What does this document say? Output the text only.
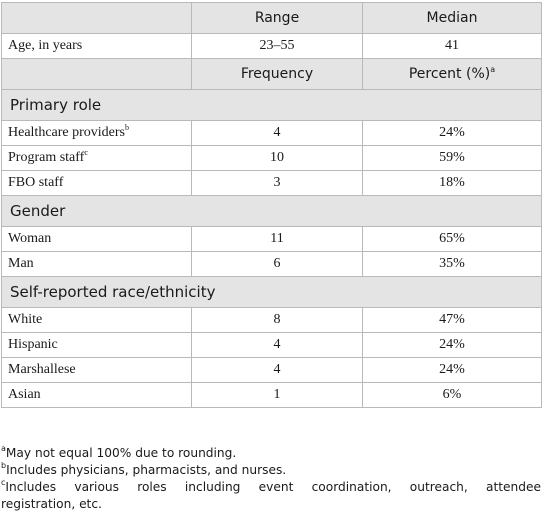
	Range	Median
Age, in years	23–55	41
	Frequency	Percent (%)$^a$
Primary role		
Healthcare providers$^b$	4	24%
Program staff$^c$	10	59%
FBO staff	3	18%
Gender		
Woman	11	65%
Man	6	35%
Self-reported race/ethnicity		
White	8	47%
Hispanic	4	24%
Marshallese	4	24%
Asian	1	6%

$^a$May not equal 100% due to rounding.

$^b$Includes physicians, pharmacists, and nurses.

$^c$Includes various roles including event coordination, outreach, attendee

registration, etc.
